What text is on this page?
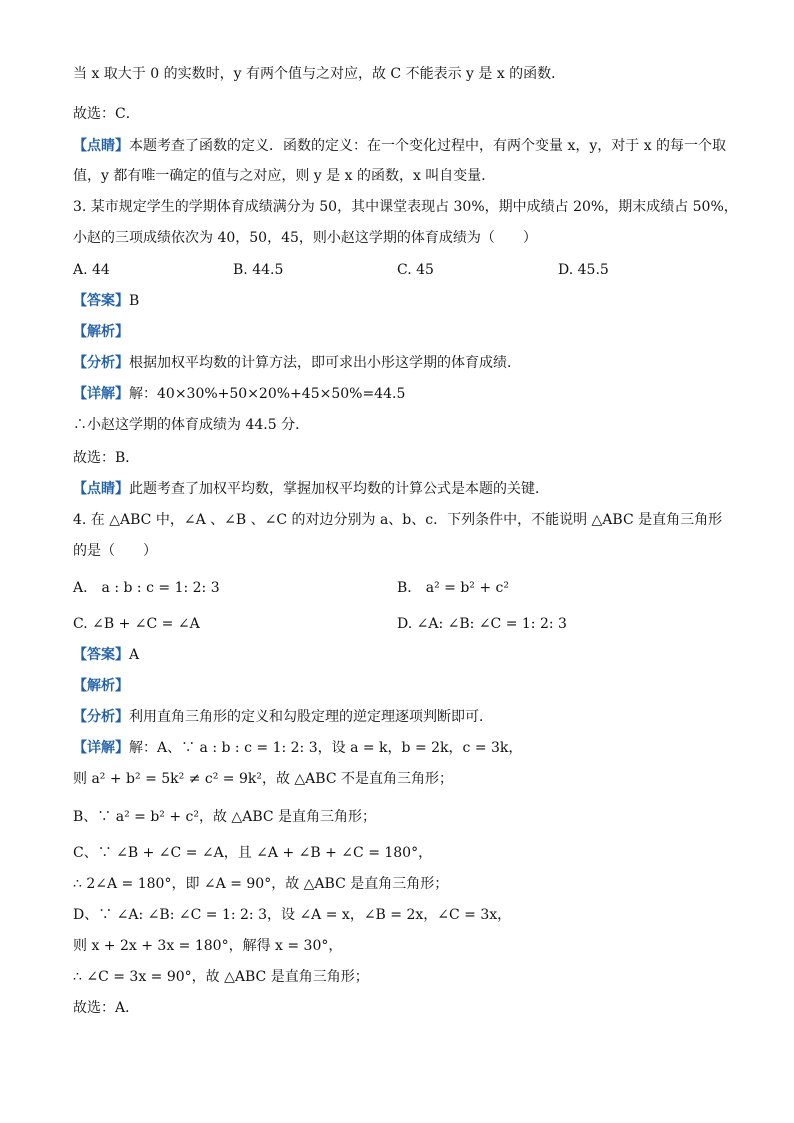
当 x 取大于 0 的实数时，y 有两个值与之对应，故 C 不能表示 y 是 x 的函数．
故选：C．
【点睛】本题考查了函数的定义．函数的定义：在一个变化过程中，有两个变量 x，y，对于 x 的每一个取
值，y 都有唯一确定的值与之对应，则 y 是 x 的函数，x 叫自变量．
3. 某市规定学生的学期体育成绩满分为 50，其中课堂表现占 30%，期中成绩占 20%，期末成绩占 50%，
小赵的三项成绩依次为 40，50，45，则小赵这学期的体育成绩为（　　）
A. 44	B. 44.5	C. 45	D. 45.5
【答案】B
【解析】
【分析】根据加权平均数的计算方法，即可求出小彤这学期的体育成绩．
【详解】解：40×30%+50×20%+45×50%=44.5
∴小赵这学期的体育成绩为 44.5 分．
故选：B．
【点睛】此题考查了加权平均数，掌握加权平均数的计算公式是本题的关键．
4. 在 △ABC 中，∠A 、∠B 、∠C 的对边分别为 a、b、c．下列条件中，不能说明 △ABC 是直角三角形
的是（　　）
A.　a : b : c = 1: 2: 3	B.　a² = b² + c²
C. ∠B + ∠C = ∠A	D. ∠A: ∠B: ∠C = 1: 2: 3
【答案】A
【解析】
【分析】利用直角三角形的定义和勾股定理的逆定理逐项判断即可．
【详解】解：A、∵ a : b : c = 1: 2: 3，设 a = k，b = 2k，c = 3k，
则 a² + b² = 5k² ≠ c² = 9k²，故 △ABC 不是直角三角形；
B、∵ a² = b² + c²，故 △ABC 是直角三角形；
C、∵ ∠B + ∠C = ∠A，且 ∠A + ∠B + ∠C = 180°，
∴ 2∠A = 180°，即 ∠A = 90°，故 △ABC 是直角三角形；
D、∵ ∠A: ∠B: ∠C = 1: 2: 3，设 ∠A = x，∠B = 2x，∠C = 3x，
则 x + 2x + 3x = 180°，解得 x = 30°，
∴ ∠C = 3x = 90°，故 △ABC 是直角三角形；
故选：A．
